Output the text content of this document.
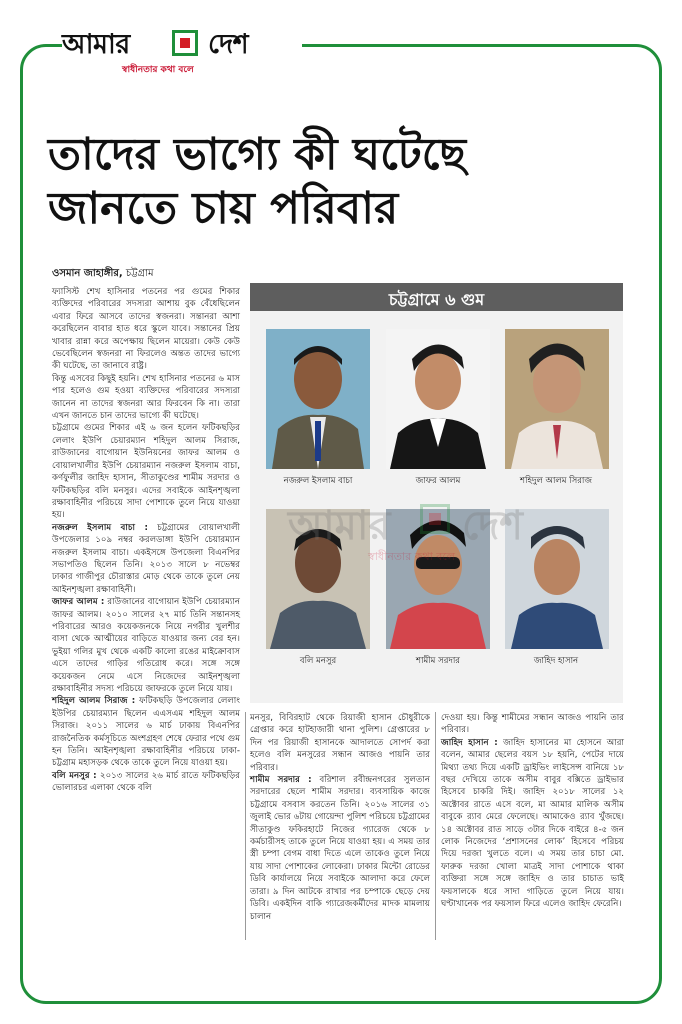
আমার	দেশ
স্বাধীনতার কথা বলে
তাদের ভাগ্যে কী ঘটেছে
জানতে চায় পরিবার
ওসমান জাহাঙ্গীর, চট্টগ্রাম

ফ্যাসিস্ট শেখ হাসিনার পতনের পর গুমের শিকার ব্যক্তিদের পরিবারের সদস্যরা আশায় বুক বেঁধেছিলেন এবার ফিরে আসবে তাদের স্বজনরা। সন্তানরা আশা করেছিলেন বাবার হাত ধরে স্কুলে যাবে। সন্তানের প্রিয় খাবার রান্না করে অপেক্ষায় ছিলেন মায়েরা। কেউ কেউ ভেবেছিলেন স্বজনরা না ফিরলেও অন্তত তাদের ভাগ্যে কী ঘটেছে, তা জানাবে রাষ্ট্র।

কিন্তু এসবের কিছুই হয়নি। শেখ হাসিনার পতনের ৬ মাস পার হলেও গুম হওয়া ব্যক্তিদের পরিবারের সদস্যরা জানেন না তাদের স্বজনরা আর ফিরবেন কি না। তারা এখন জানতে চান তাদের ভাগ্যে কী ঘটেছে।

চট্টগ্রামে গুমের শিকার এই ৬ জন হলেন ফটিকছড়ির লেলাং ইউপি চেয়ারম্যান শহিদুল আলম সিরাজ, রাউজানের বাগোয়ান ইউনিয়নের জাফর আলম ও বোয়ালখালীর ইউপি চেয়ারম্যান নজরুল ইসলাম বাচা, কর্ণফুলীর জাহিদ হাসান, সীতাকুণ্ডের শামীম সরদার ও ফটিকছড়ির বলি মনসুর। এদের সবাইকে আইনশৃঙ্খলা রক্ষাবাহিনীর পরিচয়ে সাদা পোশাকে তুলে নিয়ে যাওয়া হয়।

নজরুল ইসলাম বাচা : চট্টগ্রামের বোয়ালখালী উপজেলার ১০৯ নম্বর করলডাঙ্গা ইউপি চেয়ারম্যান নজরুল ইসলাম বাচা। একইসঙ্গে উপজেলা বিএনপির সভাপতিও ছিলেন তিনি। ২০১৩ সালে ৮ নভেম্বর ঢাকার গাজীপুর চৌরাস্তার মোড় থেকে তাকে তুলে নেয় আইনশৃঙ্খলা রক্ষাবাহিনী।

জাফর আলম : রাউজানের বাগোয়ান ইউপি চেয়ারম্যান জাফর আলম। ২০১০ সালের ২৭ মার্চ তিনি সন্তানসহ পরিবারের আরও কয়েকজনকে নিয়ে নগরীর খুলশীর বাসা থেকে আত্মীয়ের বাড়িতে যাওয়ার জন্য বের হন। ভুইয়া গলির মুখ থেকে একটি কালো রঙের মাইক্রোবাস এসে তাদের গাড়ির গতিরোধ করে। সঙ্গে সঙ্গে কয়েকজন নেমে এসে নিজেদের আইনশৃঙ্খলা রক্ষাবাহিনীর সদস্য পরিচয়ে জাফরকে তুলে নিয়ে যায়।

শহিদুল আলম সিরাজ : ফটিকছড়ি উপজেলার লেলাং ইউপির চেয়ারম্যান ছিলেন এএসএম শহিদুল আলম সিরাজ। ২০১১ সালের ৬ মার্চ ঢাকায় বিএনপির রাজনৈতিক কর্মসূচিতে অংশগ্রহণ শেষে ফেরার পথে গুম হন তিনি। আইনশৃঙ্খলা রক্ষাবাহিনীর পরিচয়ে ঢাকা-চট্টগ্রাম মহাসড়ক থেকে তাকে তুলে নিয়ে যাওয়া হয়।

বলি মনসুর : ২০১৩ সালের ২৬ মার্চ রাতে ফটিকছড়ির ভোলারচর এলাকা থেকে বলি

মনসুর, বিবিরহাট থেকে রিয়াজী হাসান চৌধুরীকে গ্রেপ্তার করে হাটহাজারী থানা পুলিশ। গ্রেপ্তারের ৮ দিন পর রিয়াজী হাসানকে আদালতে সোপর্দ করা হলেও বলি মনসুরের সন্ধান আজও পায়নি তার পরিবার।

শামীম সরদার : বরিশাল রবীন্দ্রনগরের সুলতান সরদারের ছেলে শামীম সরদার। ব্যবসায়িক কাজে চট্টগ্রামে বসবাস করতেন তিনি। ২০১৬ সালের ৩১ জুলাই ভোর ৬টায় গোয়েন্দা পুলিশ পরিচয়ে চট্টগ্রামের সীতাকুণ্ড ফকিরহাটে নিজের গ্যারেজ থেকে ৮ কর্মচারীসহ তাকে তুলে নিয়ে যাওয়া হয়। এ সময় তার স্ত্রী চম্পা বেগম বাধা দিতে এলে তাকেও তুলে নিয়ে যায় সাদা পোশাকের লোকেরা। ঢাকার মিন্টো রোডের ডিবি কার্যালয়ে নিয়ে সবাইকে আলাদা করে ফেলে তারা। ৯ দিন আটকে রাখার পর চম্পাকে ছেড়ে দেয় ডিবি। একইদিন বাকি গ্যারেজকর্মীদের মাদক মামলায় চালান

দেওয়া হয়। কিন্তু শামীমের সন্ধান আজও পায়নি তার পরিবার।

জাহিদ হাসান : জাহিদ হাসানের মা হোসনে আরা বলেন, আমার ছেলের বয়স ১৮ হয়নি, পেটের দায়ে মিথ্যা তথ্য দিয়ে একটি ড্রাইভিং লাইসেন্স বানিয়ে ১৮ বছর দেখিয়ে তাকে অসীম বাবুর বক্সিতে ড্রাইভার হিসেবে চাকরি দিই। জাহিদ ২০১৮ সালের ১২ অক্টোবর রাতে এসে বলে, মা আমার মালিক অসীম বাবুকে র‌্যাব মেরে ফেলেছে। আমাকেও র‌্যাব খুঁজছে। ১৪ অক্টোবর রাত সাড়ে ৩টার দিকে বাইরে ৪-৫ জন লোক নিজেদের ‘প্রশাসনের লোক’ হিসেবে পরিচয় দিয়ে দরজা খুলতে বলে। এ সময় তার চাচা মো. ফারুক দরজা খোলা মাত্রই সাদা পোশাকে থাকা ব্যক্তিরা সঙ্গে সঙ্গে জাহিদ ও তার চাচাত ভাই ফয়সালকে ধরে সাদা গাড়িতে তুলে নিয়ে যায়। ঘণ্টাখানেক পর ফয়সাল ফিরে এলেও জাহিদ ফেরেনি।

চট্টগ্রামে ৬ গুম
নজরুল ইসলাম বাচা	জাফর আলম	শহিদুল আলম সিরাজ
বলি মনসুর	শামীম সরদার	জাহিদ হাসান
আমার দেশ
স্বাধীনতার কথা বলে
